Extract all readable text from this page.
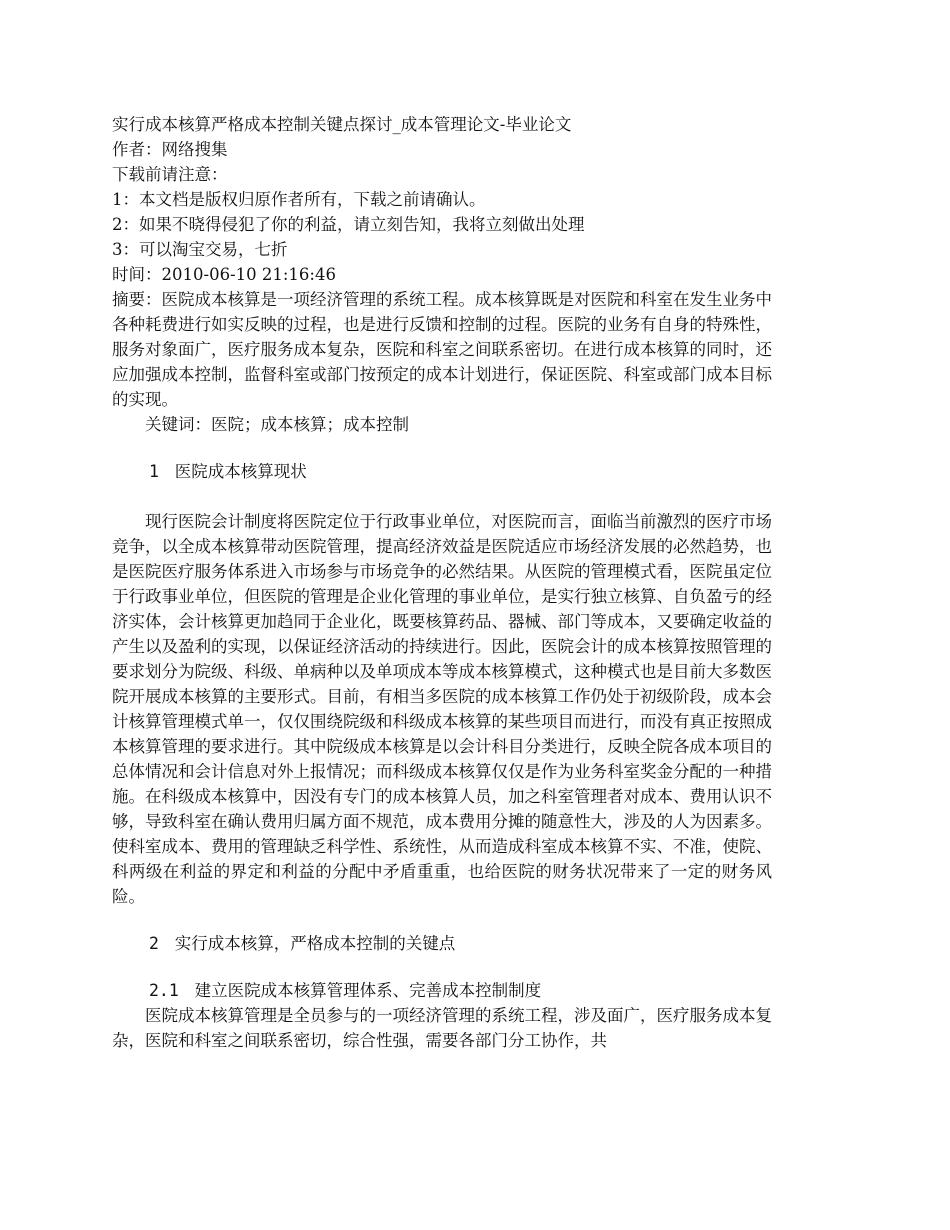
实行成本核算严格成本控制关键点探讨_成本管理论文-毕业论文

作者：网络搜集

下载前请注意：

1：本文档是版权归原作者所有，下载之前请确认。

2：如果不晓得侵犯了你的利益，请立刻告知，我将立刻做出处理

3：可以淘宝交易，七折

时间：2010-06-10 21:16:46

摘要：医院成本核算是一项经济管理的系统工程。成本核算既是对医院和科室在发生业务中各种耗费进行如实反映的过程，也是进行反馈和控制的过程。医院的业务有自身的特殊性，服务对象面广，医疗服务成本复杂，医院和科室之间联系密切。在进行成本核算的同时，还应加强成本控制，监督科室或部门按预定的成本计划进行，保证医院、科室或部门成本目标的实现。

关键词：医院；成本核算；成本控制

1 医院成本核算现状

现行医院会计制度将医院定位于行政事业单位，对医院而言，面临当前激烈的医疗市场竞争，以全成本核算带动医院管理，提高经济效益是医院适应市场经济发展的必然趋势，也是医院医疗服务体系进入市场参与市场竞争的必然结果。从医院的管理模式看，医院虽定位于行政事业单位，但医院的管理是企业化管理的事业单位，是实行独立核算、自负盈亏的经济实体，会计核算更加趋同于企业化，既要核算药品、器械、部门等成本，又要确定收益的产生以及盈利的实现，以保证经济活动的持续进行。因此，医院会计的成本核算按照管理的要求划分为院级、科级、单病种以及单项成本等成本核算模式，这种模式也是目前大多数医院开展成本核算的主要形式。目前，有相当多医院的成本核算工作仍处于初级阶段，成本会计核算管理模式单一，仅仅围绕院级和科级成本核算的某些项目而进行，而没有真正按照成本核算管理的要求进行。其中院级成本核算是以会计科目分类进行，反映全院各成本项目的总体情况和会计信息对外上报情况；而科级成本核算仅仅是作为业务科室奖金分配的一种措施。在科级成本核算中，因没有专门的成本核算人员，加之科室管理者对成本、费用认识不够，导致科室在确认费用归属方面不规范，成本费用分摊的随意性大，涉及的人为因素多。使科室成本、费用的管理缺乏科学性、系统性，从而造成科室成本核算不实、不准，使院、科两级在利益的界定和利益的分配中矛盾重重，也给医院的财务状况带来了一定的财务风险。

2 实行成本核算，严格成本控制的关键点

2.1 建立医院成本核算管理体系、完善成本控制制度

医院成本核算管理是全员参与的一项经济管理的系统工程，涉及面广，医疗服务成本复杂，医院和科室之间联系密切，综合性强，需要各部门分工协作，共
